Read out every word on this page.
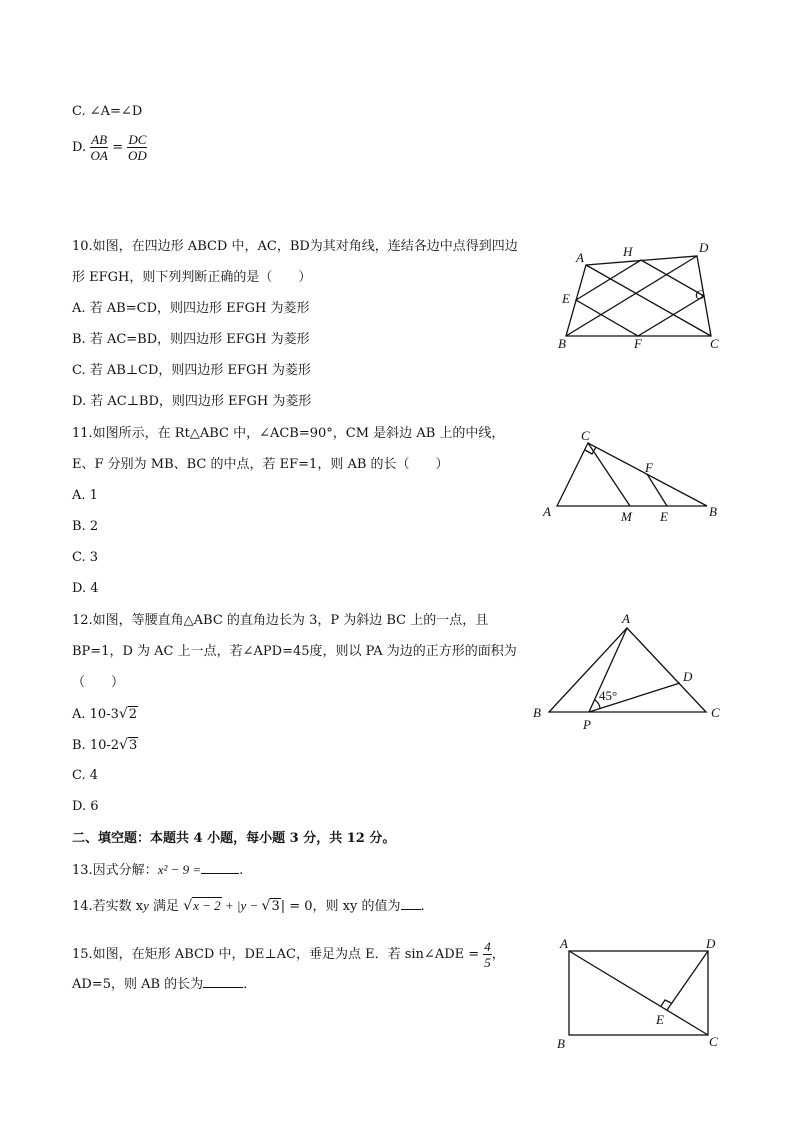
C. ∠A=∠D
D. $\frac{AB}{OA} = \frac{DC}{OD}$
10.如图，在四边形 ABCD 中，AC，BD为其对角线，连结各边中点得到四边
形 EFGH，则下列判断正确的是（　　）
A. 若 AB=CD，则四边形 EFGH 为菱形
B. 若 AC=BD，则四边形 EFGH 为菱形
C. 若 AB⊥CD，则四边形 EFGH 为菱形
D. 若 AC⊥BD，则四边形 EFGH 为菱形
A	H	D
E	G
B	F	C
11.如图所示，在 Rt△ABC 中，∠ACB=90°，CM 是斜边 AB 上的中线，
E、F 分别为 MB、BC 的中点，若 EF=1，则 AB 的长（　　）
A. 1
B. 2
C. 3
D. 4
C
F
A	M E	B
12.如图，等腰直角△ABC 的直角边长为 3，P 为斜边 BC 上的一点，且
BP=1，D 为 AC 上一点，若∠APD=45度，则以 PA 为边的正方形的面积为
（　　）
A. 10-3√2
B. 10-2√3
C. 4
D. 6
A
D
45°
B
P
C
二、填空题：本题共 4 小题，每小题 3 分，共 12 分。
13.因式分解：x² − 9 =	.
14.若实数 xy 满足 √x − 2 + |y − √3| = 0，则 xy 的值为 .
15.如图，在矩形 ABCD 中，DE⊥AC，垂足为点 E．若 sin∠ADE = $\frac{4}{5}$ ，
AD=5，则 AB 的长为	．
A	D
E
B	C
